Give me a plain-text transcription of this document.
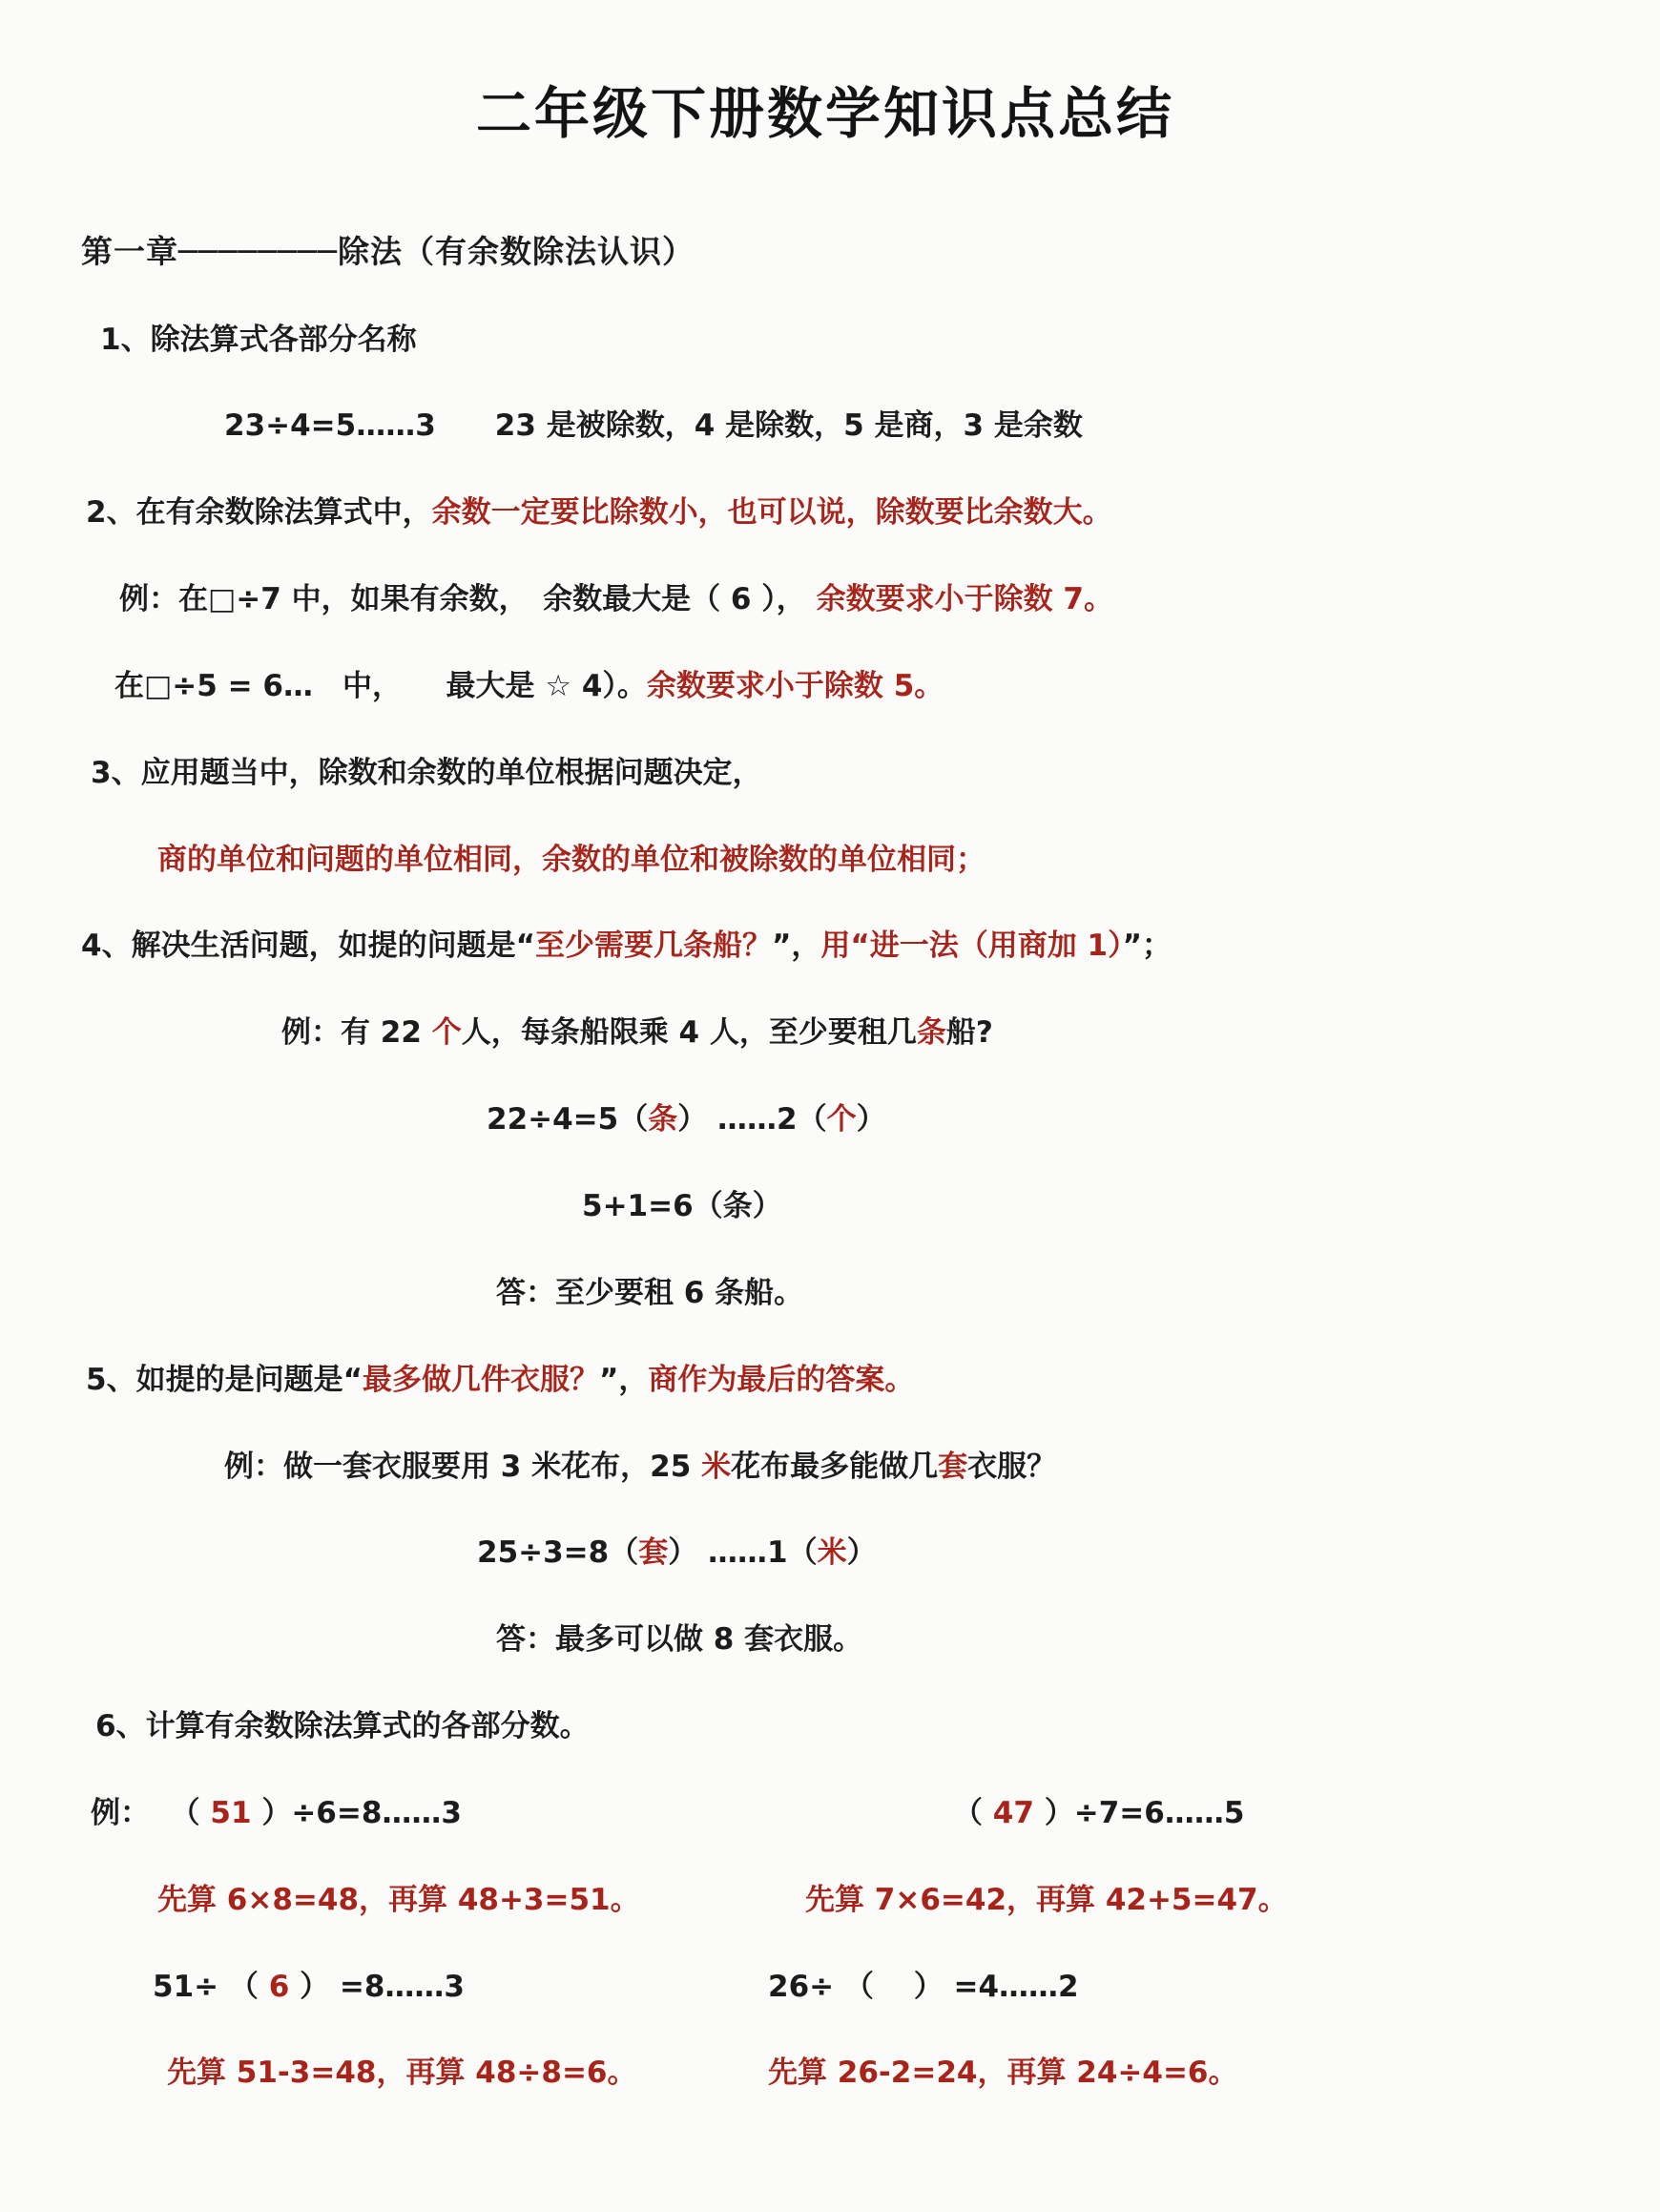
二年级下册数学知识点总结
第一章────────除法（有余数除法认识）
1、除法算式各部分名称
23÷4=5……3　　23 是被除数，4 是除数，5 是商，3 是余数
2、在有余数除法算式中，余数一定要比除数小，也可以说，除数要比余数大。
例：在□÷7 中，如果有余数，　余数最大是（ 6 ）， 余数要求小于除数 7。
在□÷5 = 6…　中，　　最大是 ☆ 4）。余数要求小于除数 5。
3、应用题当中，除数和余数的单位根据问题决定，
商的单位和问题的单位相同，余数的单位和被除数的单位相同；
4、解决生活问题，如提的问题是“至少需要几条船？”，用“进一法（用商加 1）”；
例：有 22 个人，每条船限乘 4 人，至少要租几条船?
22÷4=5（条） ……2（个）
5+1=6（条）
答：至少要租 6 条船。
5、如提的是问题是“最多做几件衣服？”，商作为最后的答案。
例：做一套衣服要用 3 米花布，25 米花布最多能做几套衣服？
25÷3=8（套） ……1（米）
答：最多可以做 8 套衣服。
6、计算有余数除法算式的各部分数。
例：  （ 51 ）÷6=8……3	（ 47 ）÷7=6……5
先算 6×8=48，再算 48+3=51。	先算 7×6=42，再算 42+5=47。
51÷ （ 6 ） =8……3	26÷ （　 ） =4……2
先算 51-3=48，再算 48÷8=6。	先算 26-2=24，再算 24÷4=6。
